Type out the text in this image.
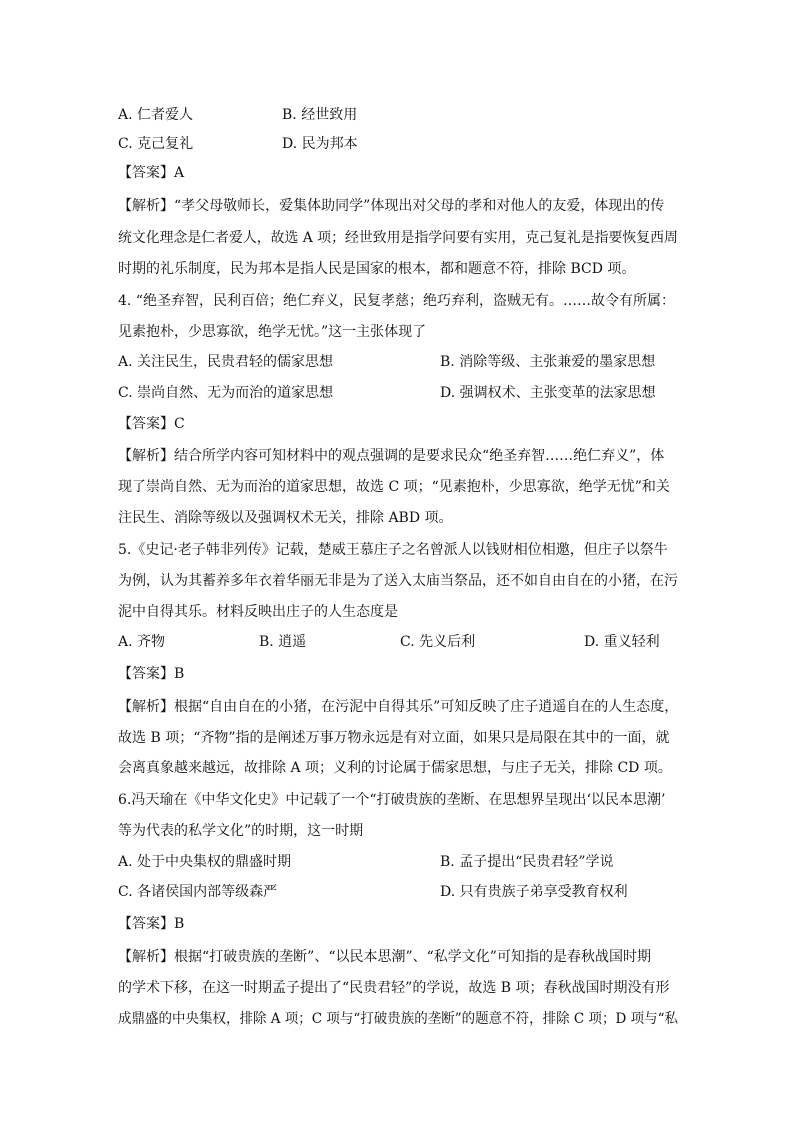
A. 仁者爱人	B. 经世致用
C. 克己复礼	D. 民为邦本
【答案】A
【解析】“孝父母敬师长，爱集体助同学”体现出对父母的孝和对他人的友爱，体现出的传
统文化理念是仁者爱人，故选 A 项；经世致用是指学问要有实用，克己复礼是指要恢复西周
时期的礼乐制度，民为邦本是指人民是国家的根本，都和题意不符，排除 BCD 项。
4. “绝圣弃智，民利百倍；绝仁弃义，民复孝慈；绝巧弃利，盗贼无有。……故令有所属：
见素抱朴，少思寡欲，绝学无忧。”这一主张体现了
A. 关注民生，民贵君轻的儒家思想	B. 消除等级、主张兼爱的墨家思想
C. 崇尚自然、无为而治的道家思想	D. 强调权术、主张变革的法家思想
【答案】C
【解析】结合所学内容可知材料中的观点强调的是要求民众“绝圣弃智……绝仁弃义”，体
现了崇尚自然、无为而治的道家思想，故选 C 项；“见素抱朴，少思寡欲，绝学无忧”和关
注民生、消除等级以及强调权术无关，排除 ABD 项。
5.《史记·老子韩非列传》记载，楚威王慕庄子之名曾派人以钱财相位相邀，但庄子以祭牛
为例，认为其蓄养多年衣着华丽无非是为了送入太庙当祭品，还不如自由自在的小猪，在污
泥中自得其乐。材料反映出庄子的人生态度是
A. 齐物	B. 逍遥	C. 先义后利	D. 重义轻利
【答案】B
【解析】根据“自由自在的小猪，在污泥中自得其乐”可知反映了庄子逍遥自在的人生态度，
故选 B 项；“齐物”指的是阐述万事万物永远是有对立面，如果只是局限在其中的一面，就
会离真象越来越远，故排除 A 项；义利的讨论属于儒家思想，与庄子无关，排除 CD 项。
6.冯天瑜在《中华文化史》中记载了一个“打破贵族的垄断、在思想界呈现出‘以民本思潮’
等为代表的私学文化”的时期，这一时期
A. 处于中央集权的鼎盛时期	B. 孟子提出“民贵君轻”学说
C. 各诸侯国内部等级森严	D. 只有贵族子弟享受教育权利
【答案】B
【解析】根据“打破贵族的垄断”、“以民本思潮”、“私学文化”可知指的是春秋战国时期
的学术下移，在这一时期孟子提出了“民贵君轻”的学说，故选 B 项；春秋战国时期没有形
成鼎盛的中央集权，排除 A 项；C 项与“打破贵族的垄断”的题意不符，排除 C 项；D 项与“私
